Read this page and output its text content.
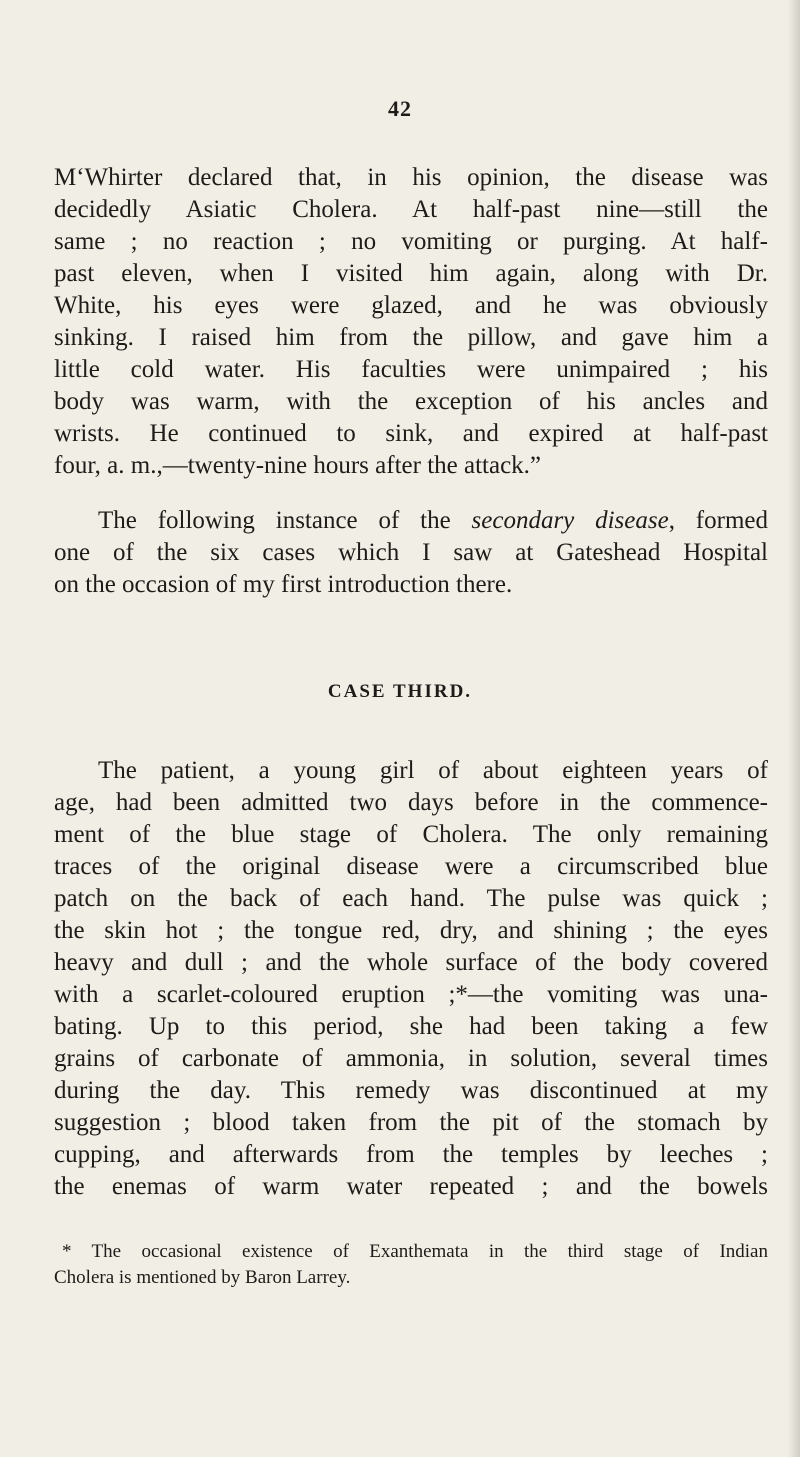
42
M‘Whirter declared that, in his opinion, the disease was
decidedly Asiatic Cholera. At half-past nine—still the
same ; no reaction ; no vomiting or purging. At half-
past eleven, when I visited him again, along with Dr.
White, his eyes were glazed, and he was obviously
sinking. I raised him from the pillow, and gave him a
little cold water. His faculties were unimpaired ; his
body was warm, with the exception of his ancles and
wrists. He continued to sink, and expired at half-past
four, a. m.,—twenty-nine hours after the attack.”
The following instance of the secondary disease, formed
one of the six cases which I saw at Gateshead Hospital
on the occasion of my first introduction there.
CASE THIRD.
The patient, a young girl of about eighteen years of
age, had been admitted two days before in the commence-
ment of the blue stage of Cholera. The only remaining
traces of the original disease were a circumscribed blue
patch on the back of each hand. The pulse was quick ;
the skin hot ; the tongue red, dry, and shining ; the eyes
heavy and dull ; and the whole surface of the body covered
with a scarlet-coloured eruption ;*—the vomiting was una-
bating. Up to this period, she had been taking a few
grains of carbonate of ammonia, in solution, several times
during the day. This remedy was discontinued at my
suggestion ; blood taken from the pit of the stomach by
cupping, and afterwards from the temples by leeches ;
the enemas of warm water repeated ; and the bowels
* The occasional existence of Exanthemata in the third stage of Indian
Cholera is mentioned by Baron Larrey.
